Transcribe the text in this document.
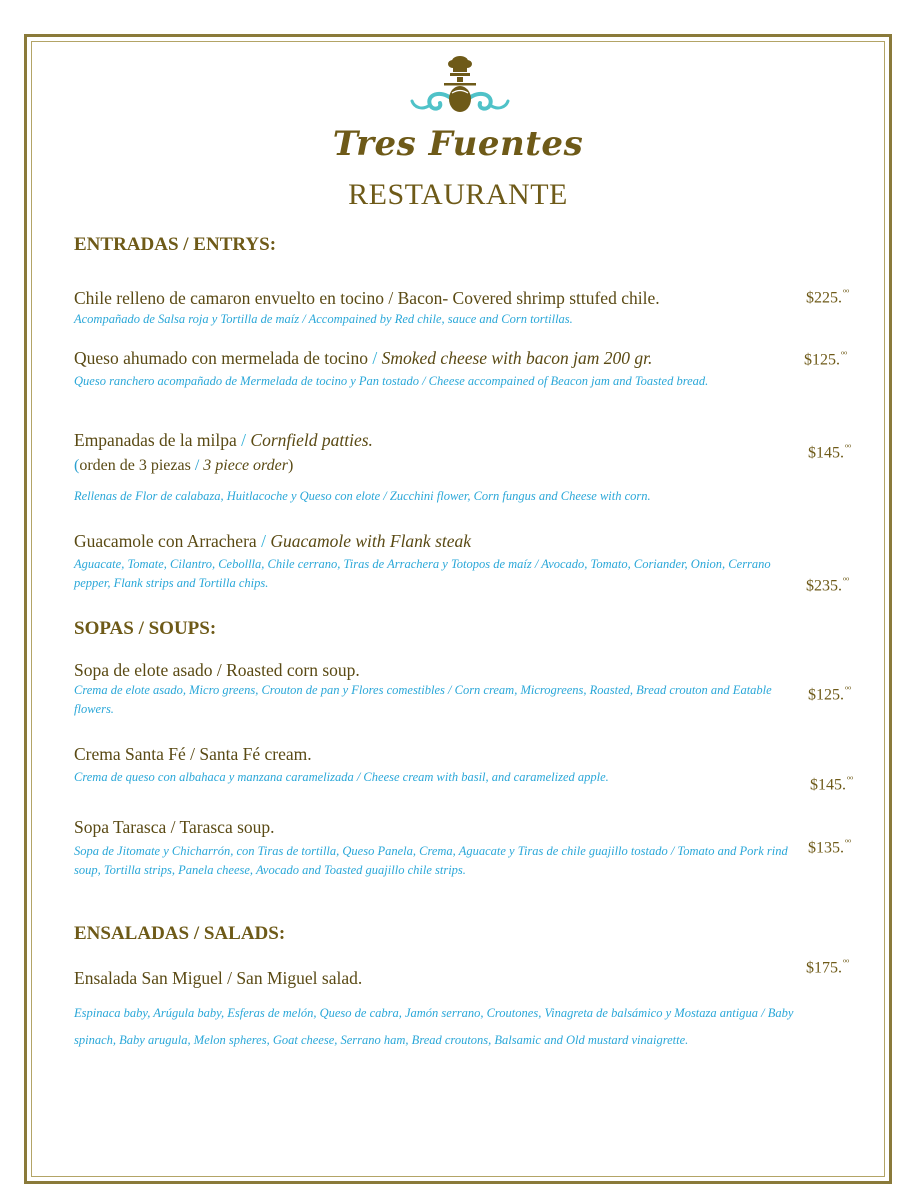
Tres Fuentes
RESTAURANTE
ENTRADAS / ENTRYS:
Chile relleno de camaron envuelto en tocino / Bacon- Covered shrimp sttufed chile.
Acompañado de Salsa roja y Tortilla de maíz / Accompained by Red chile, sauce and Corn tortillas.
$225.$^{ºº}$
Queso ahumado con mermelada de tocino / Smoked cheese with bacon jam 200 gr.
Queso ranchero acompañado de Mermelada de tocino y Pan tostado / Cheese accompained of Beacon jam and Toasted bread.
$125.$^{ºº}$
Empanadas de la milpa / Cornfield patties.
(orden de 3 piezas / 3 piece order)
Rellenas de Flor de calabaza, Huitlacoche y Queso con elote / Zucchini flower, Corn fungus and Cheese with corn.
$145.$^{ºº}$
Guacamole con Arrachera / Guacamole with Flank steak
Aguacate, Tomate, Cilantro, Cebollla, Chile cerrano, Tiras de Arrachera y Totopos de maíz / Avocado, Tomato, Coriander, Onion, Cerrano pepper, Flank strips and Tortilla chips.	$235.$^{ºº}$
SOPAS / SOUPS:
Sopa de elote asado / Roasted corn soup.
Crema de elote asado, Micro greens, Crouton de pan y Flores comestibles / Corn cream, Microgreens, Roasted, Bread crouton and Eatable flowers.
$125.$^{ºº}$
Crema Santa Fé / Santa Fé cream.
Crema de queso con albahaca y manzana caramelizada / Cheese cream with basil, and caramelized apple.	$145.$^{ºº}$
Sopa Tarasca / Tarasca soup.
Sopa de Jitomate y Chicharrón, con Tiras de tortilla, Queso Panela, Crema, Aguacate y Tiras de chile guajillo tostado / Tomato and Pork rind soup, Tortilla strips, Panela cheese, Avocado and Toasted guajillo chile strips.
$135.$^{ºº}$
ENSALADAS / SALADS:
Ensalada San Miguel / San Miguel salad.
Espinaca baby, Arúgula baby, Esferas de melón, Queso de cabra, Jamón serrano, Croutones, Vinagreta de balsámico y Mostaza antigua / Baby spinach, Baby arugula, Melon spheres, Goat cheese, Serrano ham, Bread croutons, Balsamic and Old mustard vinaigrette.
$175.$^{ºº}$
